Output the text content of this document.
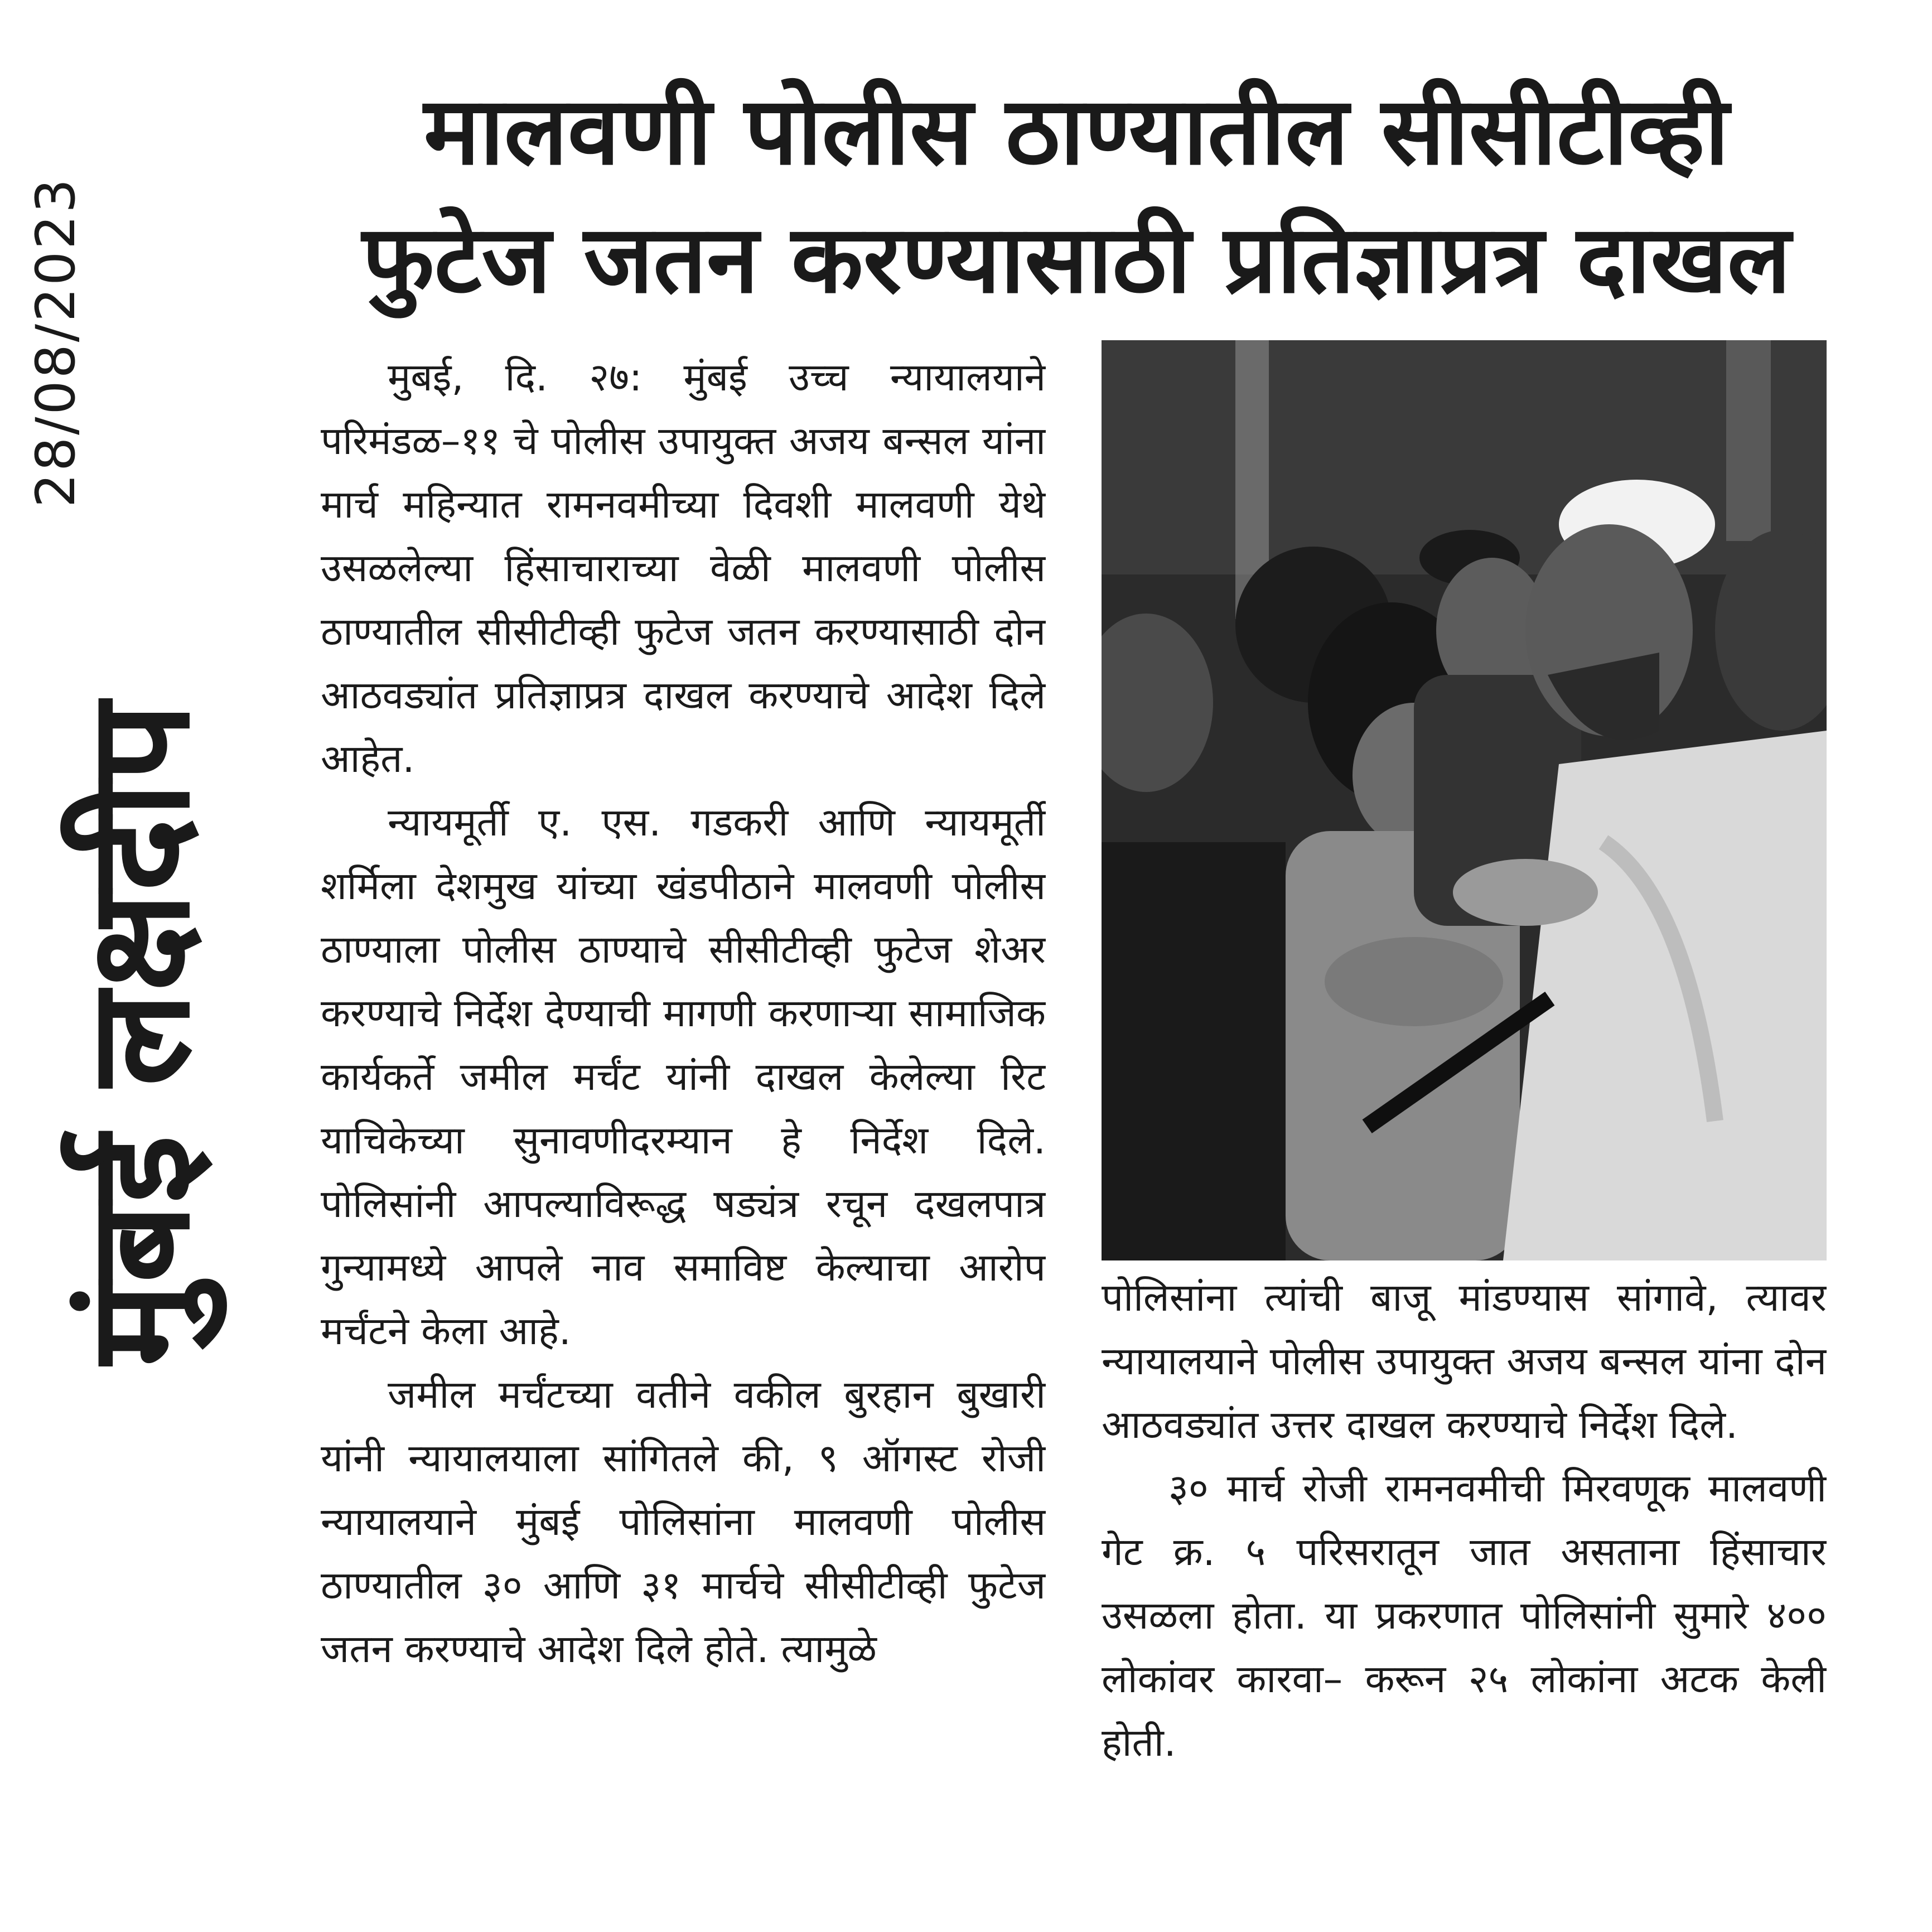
28/08/2023
मुंबई लक्षदीप
मालवणी पोलीस ठाण्यातील सीसीटीव्ही
फुटेज जतन करण्यासाठी प्रतिज्ञाप्रत्र दाखल

मुबई, दि. २७: मुंबई उच्च न्यायालयाने परिमंडळ–११ चे पोलीस उपायुक्त अजय बन्सल यांना मार्च महिन्यात रामनवमीच्या दिवशी मालवणी येथे उसळलेल्या हिंसाचाराच्या वेळी मालवणी पोलीस ठाण्यातील सीसीटीव्ही फुटेज जतन करण्यासाठी दोन आठवड्यांत प्रतिज्ञाप्रत्र दाखल करण्याचे आदेश दिले आहेत.

न्यायमूर्ती ए. एस. गडकरी आणि न्यायमूर्ती शर्मिला देशमुख यांच्या खंडपीठाने मालवणी पोलीस ठाण्याला पोलीस ठाण्याचे सीसीटीव्ही फुटेज शेअर करण्याचे निर्देश देण्याची मागणी करणाऱ्या सामाजिक कार्यकर्ते जमील मर्चंट यांनी दाखल केलेल्या रिट याचिकेच्या सुनावणीदरम्यान हे निर्देश दिले. पोलिसांनी आपल्याविरूद्ध षड्यंत्र रचून दखलपात्र गुन्यामध्ये आपले नाव समाविष्ट केल्याचा आरोप मर्चंटने केला आहे.

जमील मर्चंटच्या वतीने वकील बुरहान बुखारी यांनी न्यायालयाला सांगितले की, ९ ऑगस्ट रोजी न्यायालयाने मुंबई पोलिसांना मालवणी पोलीस ठाण्यातील ३० आणि ३१ मार्चचे सीसीटीव्ही फुटेज जतन करण्याचे आदेश दिले होते. त्यामुळे

पोलिसांना त्यांची बाजू मांडण्यास सांगावे, त्यावर न्यायालयाने पोलीस उपायुक्त अजय बन्सल यांना दोन आठवड्यांत उत्तर दाखल करण्याचे निर्देश दिले.

३० मार्च रोजी रामनवमीची मिरवणूक मालवणी गेट क्र. ५ परिसरातून जात असताना हिंसाचार उसळला होता. या प्रकरणात पोलिसांनी सुमारे ४०० लोकांवर कारवा– करून २५ लोकांना अटक केली होती.
